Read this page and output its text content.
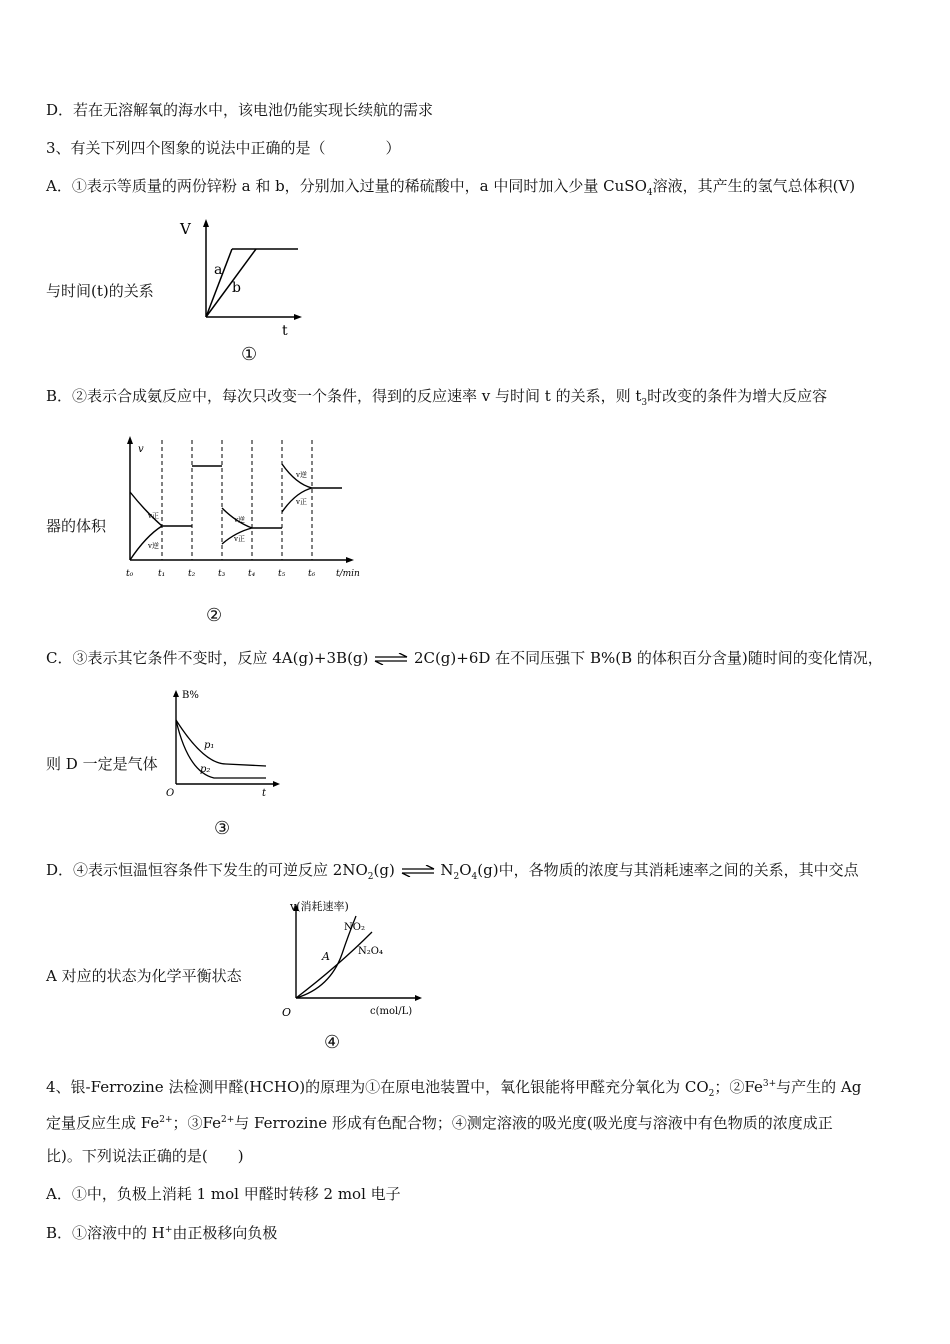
D．若在无溶解氧的海水中，该电池仍能实现长续航的需求
3、有关下列四个图象的说法中正确的是（　　　　）
A．①表示等质量的两份锌粉 a 和 b，分别加入过量的稀硫酸中，a 中同时加入少量 CuSO$_4$溶液，其产生的氢气总体积(V)
与时间(t)的关系
V
t
a
b
①
B．②表示合成氨反应中，每次只改变一个条件，得到的反应速率 v 与时间 t 的关系，则 $t_3$时改变的条件为增大反应容
器的体积
v
t/min
t₀	t₁	t₂	t₃	t₄	t₅	t₆
v正
v逆
v逆
v正
v逆
v正
②
C．③表示其它条件不变时，反应 4A(g)+3B(g) ⇌ 2C(g)+6D 在不同压强下 B%(B 的体积百分含量)随时间的变化情况，
则 D 一定是气体
B%
O	t
p₁
p₂
③
D．④表示恒温恒容条件下发生的可逆反应 $2NO_2(g)$ ⇌ $N_2O_4(g)$中，各物质的浓度与其消耗速率之间的关系，其中交点
A 对应的状态为化学平衡状态
v(消耗速率)
NO₂
N₂O₄
A
O	c(mol/L)
④
4、银-Ferrozine 法检测甲醛(HCHO)的原理为①在原电池装置中，氧化银能将甲醛充分氧化为 $CO_2$；$②Fe^{3+}$与产生的 Ag
定量反应生成 $Fe^{2+}$；$③Fe^{2+}$与 Ferrozine 形成有色配合物；④测定溶液的吸光度(吸光度与溶液中有色物质的浓度成正
比)。下列说法正确的是(　　)
A．①中，负极上消耗 1 mol 甲醛时转移 2 mol 电子
B．①溶液中的 H+由正极移向负极
